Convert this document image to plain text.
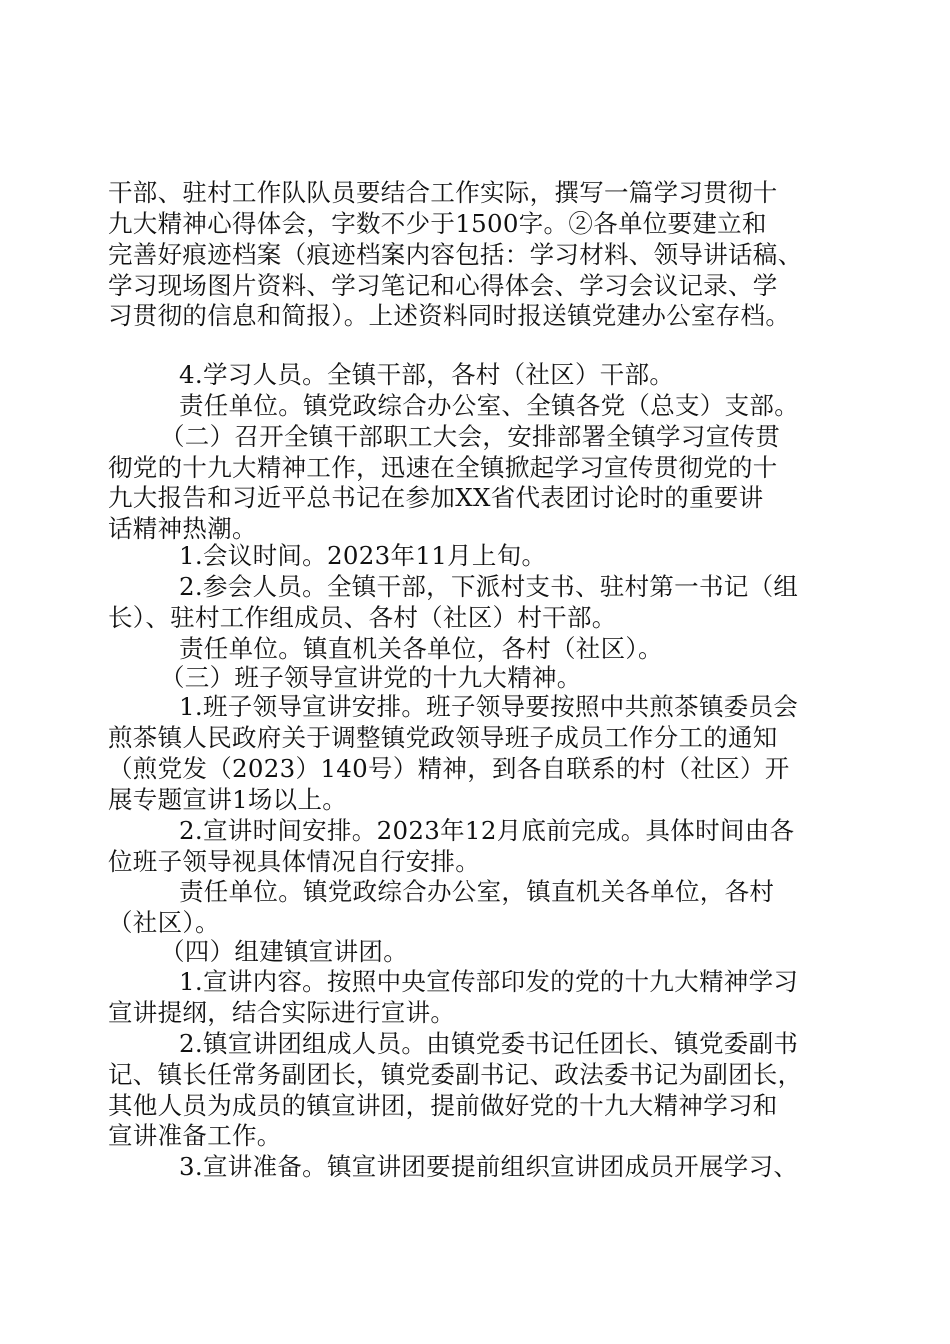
干部、驻村工作队队员要结合工作实际，撰写一篇学习贯彻十
九大精神心得体会，字数不少于1500字。②各单位要建立和
完善好痕迹档案（痕迹档案内容包括：学习材料、领导讲话稿、
学习现场图片资料、学习笔记和心得体会、学习会议记录、学
习贯彻的信息和简报）。上述资料同时报送镇党建办公室存档。
4.学习人员。全镇干部，各村（社区）干部。
责任单位。镇党政综合办公室、全镇各党（总支）支部。
（二）召开全镇干部职工大会，安排部署全镇学习宣传贯
彻党的十九大精神工作，迅速在全镇掀起学习宣传贯彻党的十
九大报告和习近平总书记在参加XX省代表团讨论时的重要讲
话精神热潮。
1.会议时间。2023年11月上旬。
2.参会人员。全镇干部，下派村支书、驻村第一书记（组
长）、驻村工作组成员、各村（社区）村干部。
责任单位。镇直机关各单位，各村（社区）。
（三）班子领导宣讲党的十九大精神。
1.班子领导宣讲安排。班子领导要按照中共煎茶镇委员会
煎茶镇人民政府关于调整镇党政领导班子成员工作分工的通知
（煎党发（2023）140号）精神，到各自联系的村（社区）开
展专题宣讲1场以上。
2.宣讲时间安排。2023年12月底前完成。具体时间由各
位班子领导视具体情况自行安排。
责任单位。镇党政综合办公室，镇直机关各单位，各村
（社区）。
（四）组建镇宣讲团。
1.宣讲内容。按照中央宣传部印发的党的十九大精神学习
宣讲提纲，结合实际进行宣讲。
2.镇宣讲团组成人员。由镇党委书记任团长、镇党委副书
记、镇长任常务副团长，镇党委副书记、政法委书记为副团长，
其他人员为成员的镇宣讲团，提前做好党的十九大精神学习和
宣讲准备工作。
3.宣讲准备。镇宣讲团要提前组织宣讲团成员开展学习、
